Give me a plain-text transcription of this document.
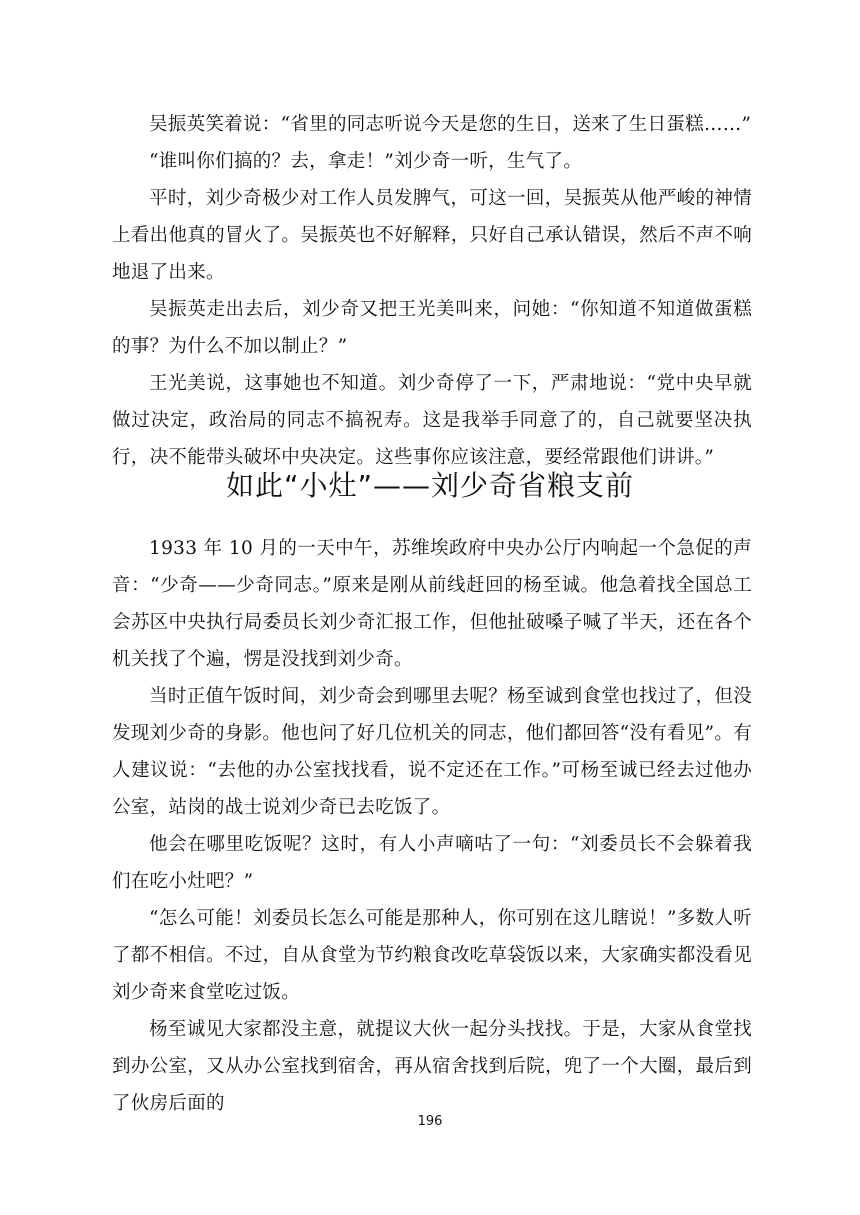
吴振英笑着说：“省里的同志听说今天是您的生日，送来了生日蛋糕……”

“谁叫你们搞的？去，拿走！”刘少奇一听，生气了。

平时，刘少奇极少对工作人员发脾气，可这一回，吴振英从他严峻的神情上看出他真的冒火了。吴振英也不好解释，只好自己承认错误，然后不声不响地退了出来。

吴振英走出去后，刘少奇又把王光美叫来，问她：“你知道不知道做蛋糕的事？为什么不加以制止？”

王光美说，这事她也不知道。刘少奇停了一下，严肃地说：“党中央早就做过决定，政治局的同志不搞祝寿。这是我举手同意了的，自己就要坚决执行，决不能带头破坏中央决定。这些事你应该注意，要经常跟他们讲讲。”

如此“小灶”——刘少奇省粮支前

1933 年 10 月的一天中午，苏维埃政府中央办公厅内响起一个急促的声音：“少奇——少奇同志。”原来是刚从前线赶回的杨至诚。他急着找全国总工会苏区中央执行局委员长刘少奇汇报工作，但他扯破嗓子喊了半天，还在各个机关找了个遍，愣是没找到刘少奇。

当时正值午饭时间，刘少奇会到哪里去呢？杨至诚到食堂也找过了，但没发现刘少奇的身影。他也问了好几位机关的同志，他们都回答“没有看见”。有人建议说：“去他的办公室找找看，说不定还在工作。”可杨至诚已经去过他办公室，站岗的战士说刘少奇已去吃饭了。

他会在哪里吃饭呢？这时，有人小声嘀咕了一句：“刘委员长不会躲着我们在吃小灶吧？”

“怎么可能！刘委员长怎么可能是那种人，你可别在这儿瞎说！”多数人听了都不相信。不过，自从食堂为节约粮食改吃草袋饭以来，大家确实都没看见刘少奇来食堂吃过饭。

杨至诚见大家都没主意，就提议大伙一起分头找找。于是，大家从食堂找到办公室，又从办公室找到宿舍，再从宿舍找到后院，兜了一个大圈，最后到了伙房后面的

196
